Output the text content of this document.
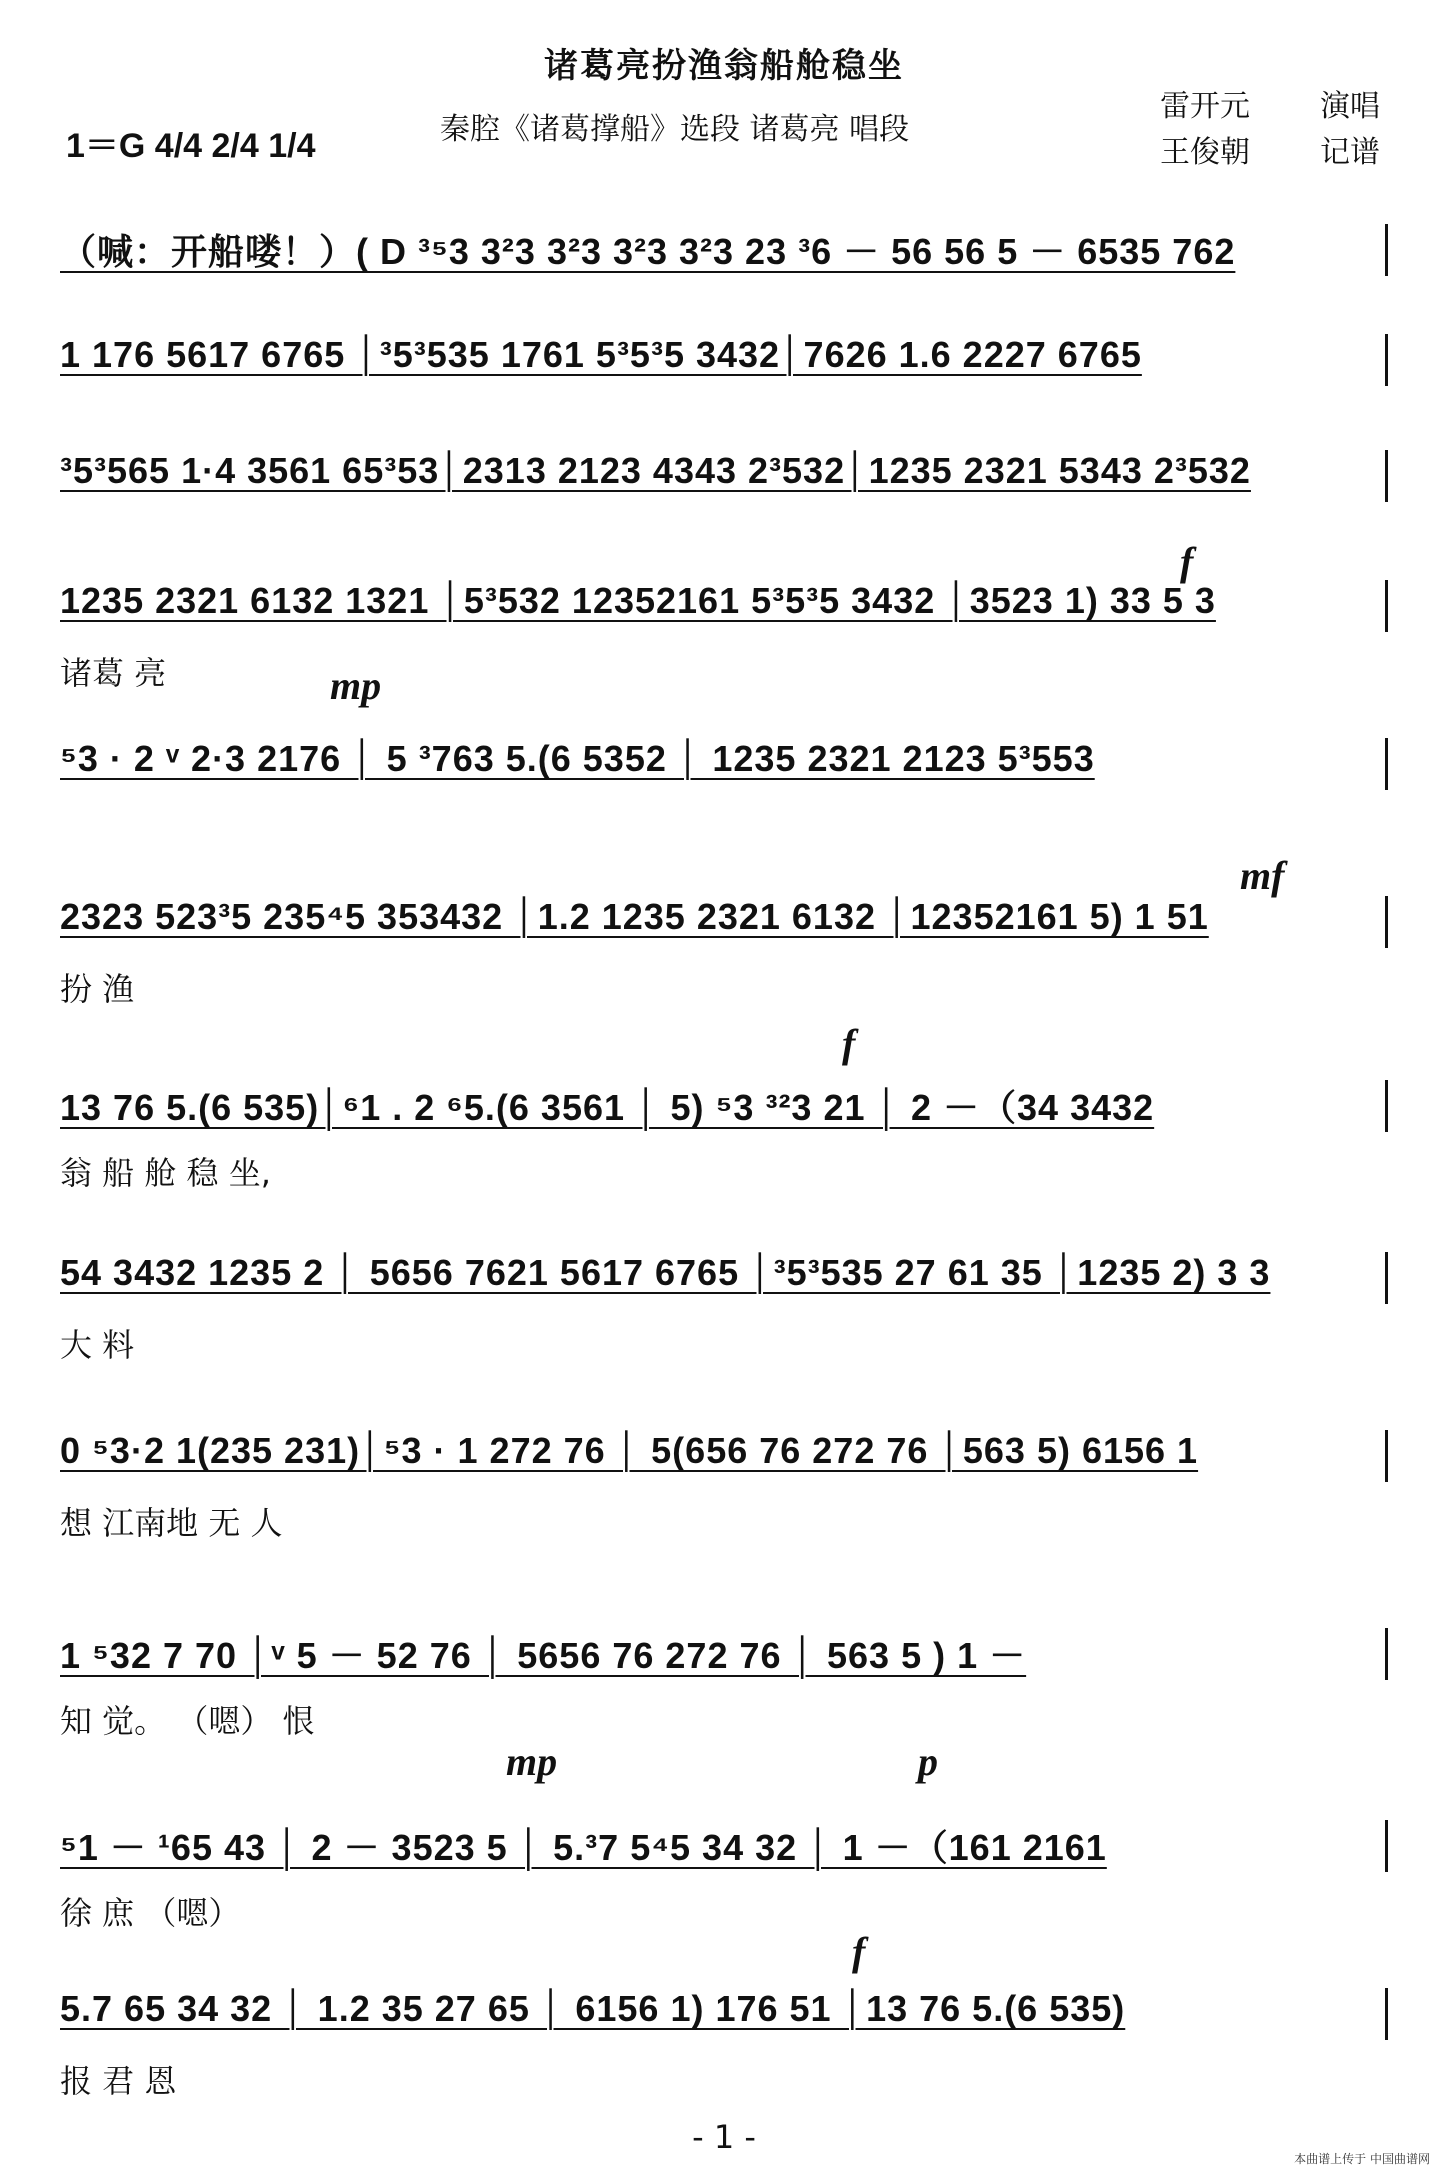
诸葛亮扮渔翁船舱稳坐
1＝G 4/4 2/4 1/4	秦腔《诸葛撑船》选段 诸葛亮 唱段
雷开元 演唱
王俊朝 记谱
（喊：开船喽！）( D ³⁵3 3²3 3²3 3²3 3²3 23 ³6 － 56 56 5 － 6535 762
1 176 5617 6765 │³5³535 1761 5³5³5 3432│7626 1.6 2227 6765
³5³565 1·4 3561 65³53│2313 2123 4343 2³532│1235 2321 5343 2³532
1235 2321 6132 1321 │5³532 12352161 5³5³5 3432 │3523 1) 33 5 3
诸葛 亮
f
⁵3 · 2 ᵛ 2·3 2176 │ 5 ³763 5.(6 5352 │ 1235 2321 2123 5³553
mp
2323 523³5 235⁴5 353432 │1.2 1235 2321 6132 │12352161 5) 1 51
扮 渔
mf
13 76 5.(6 535)│⁶1 . 2 ⁶5.(6 3561 │ 5) ⁵3 ³²3 21 │ 2 －（34 3432
翁 船 舱 稳 坐,
f
54 3432 1235 2 │ 5656 7621 5617 6765 │³5³535 27 61 35 │1235 2) 3 3
大 料
0 ⁵3·2 1(235 231)│⁵3 · 1 272 76 │ 5(656 76 272 76 │563 5) 6156 1
想 江南地 无 人
1 ⁵32 7 70 │ᵛ 5 － 52 76 │ 5656 76 272 76 │ 563 5 ) 1 －
知 觉。 （嗯） 恨
⁵1 － ¹65 43 │ 2 － 3523 5 │ 5.³7 5⁴5 34 32 │ 1 －（161 2161
徐 庶 （嗯）
mp	p
5.7 65 34 32 │ 1.2 35 27 65 │ 6156 1) 176 51 │13 76 5.(6 535)
报 君 恩
f
- 1 -
本曲谱上传于 中国曲谱网
